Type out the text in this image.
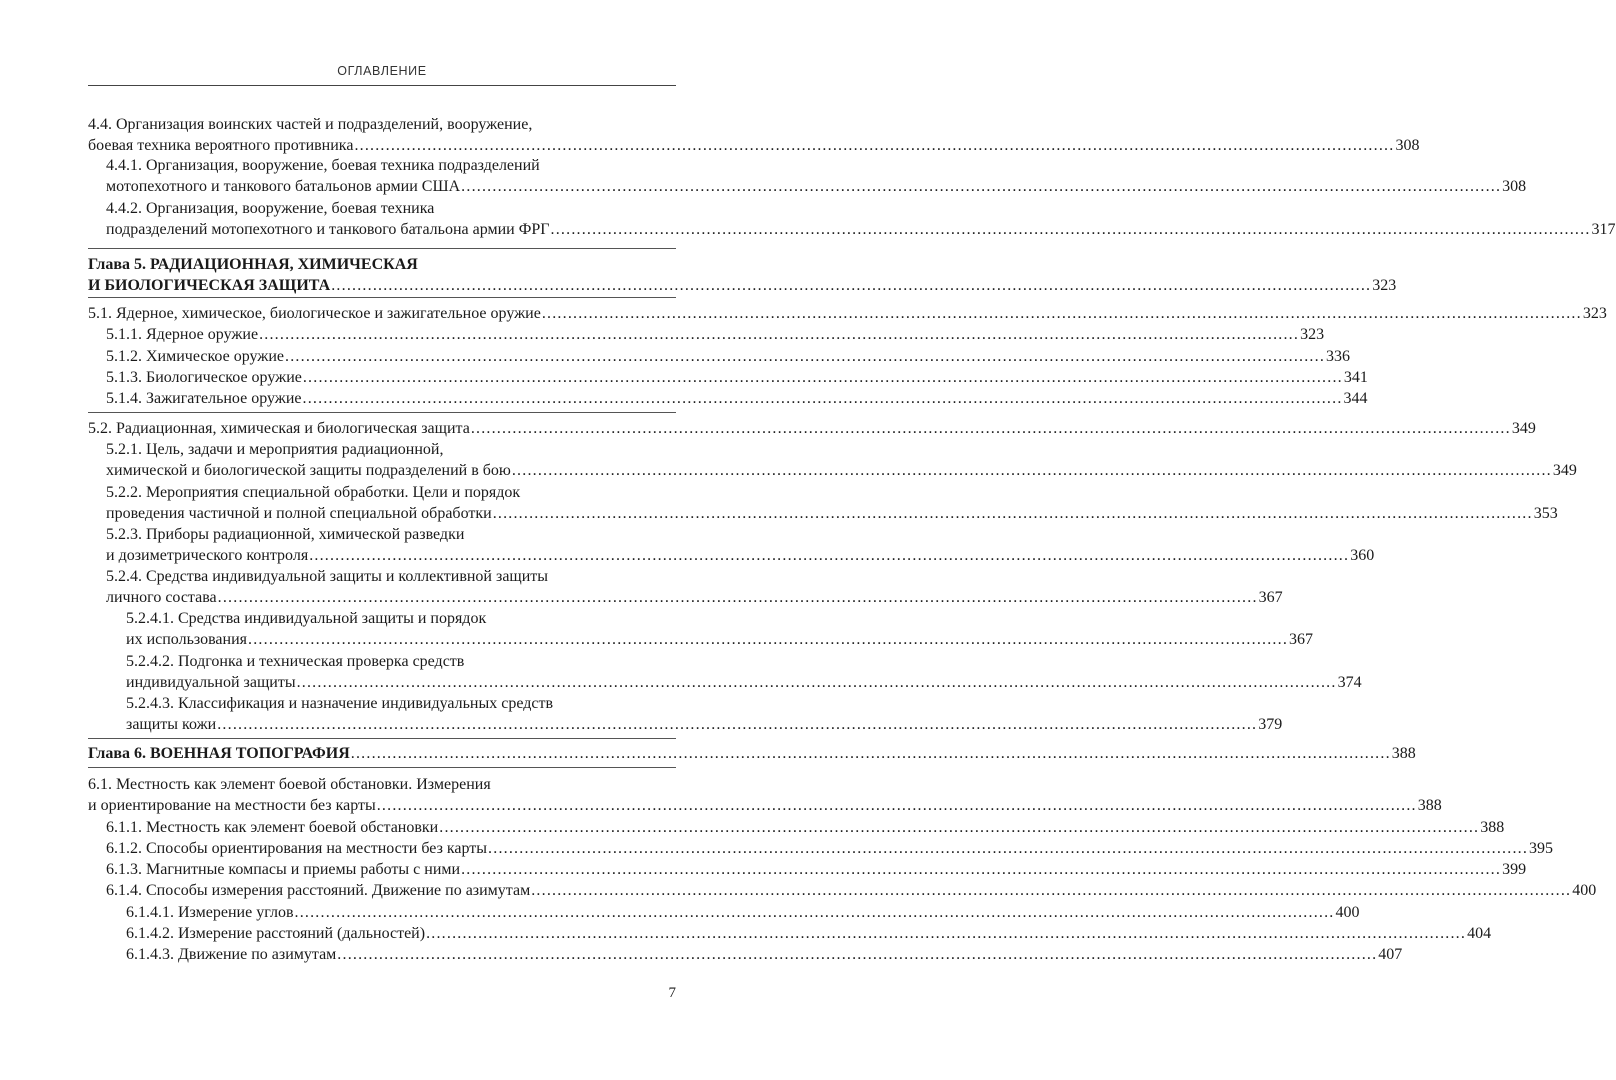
ОГЛАВЛЕНИЕ
4.4. Организация воинских частей и подразделений, вооружение,
боевая техника вероятного противника ........................................................................................................................................................................................................ 308
4.4.1. Организация, вооружение, боевая техника подразделений
мотопехотного и танкового батальонов армии США ........................................................................................................................................................................................................ 308
4.4.2. Организация, вооружение, боевая техника
подразделений мотопехотного и танкового батальона армии ФРГ ........................................................................................................................................................................................................ 317
Глава 5. РАДИАЦИОННАЯ, ХИМИЧЕСКАЯ
И БИОЛОГИЧЕСКАЯ ЗАЩИТА ........................................................................................................................................................................................................ 323
5.1. Ядерное, химическое, биологическое и зажигательное оружие ........................................................................................................................................................................................................ 323
5.1.1. Ядерное оружие ........................................................................................................................................................................................................ 323
5.1.2. Химическое оружие ........................................................................................................................................................................................................ 336
5.1.3. Биологическое оружие ........................................................................................................................................................................................................ 341
5.1.4. Зажигательное оружие ........................................................................................................................................................................................................ 344
5.2. Радиационная, химическая и биологическая защита ........................................................................................................................................................................................................ 349
5.2.1. Цель, задачи и мероприятия радиационной,
химической и биологической защиты подразделений в бою ........................................................................................................................................................................................................ 349
5.2.2. Мероприятия специальной обработки. Цели и порядок
проведения частичной и полной специальной обработки ........................................................................................................................................................................................................ 353
5.2.3. Приборы радиационной, химической разведки
и дозиметрического контроля ........................................................................................................................................................................................................ 360
5.2.4. Средства индивидуальной защиты и коллективной защиты
личного состава ........................................................................................................................................................................................................ 367
5.2.4.1. Средства индивидуальной защиты и порядок
их использования ........................................................................................................................................................................................................ 367
5.2.4.2. Подгонка и техническая проверка средств
индивидуальной защиты ........................................................................................................................................................................................................ 374
5.2.4.3. Классификация и назначение индивидуальных средств
защиты кожи ........................................................................................................................................................................................................ 379
Глава 6. ВОЕННАЯ ТОПОГРАФИЯ ........................................................................................................................................................................................................ 388
6.1. Местность как элемент боевой обстановки. Измерения
и ориентирование на местности без карты ........................................................................................................................................................................................................ 388
6.1.1. Местность как элемент боевой обстановки ........................................................................................................................................................................................................ 388
6.1.2. Способы ориентирования на местности без карты ........................................................................................................................................................................................................ 395
6.1.3. Магнитные компасы и приемы работы с ними ........................................................................................................................................................................................................ 399
6.1.4. Способы измерения расстояний. Движение по азимутам ........................................................................................................................................................................................................ 400
6.1.4.1. Измерение углов ........................................................................................................................................................................................................ 400
6.1.4.2. Измерение расстояний (дальностей) ........................................................................................................................................................................................................ 404
6.1.4.3. Движение по азимутам ........................................................................................................................................................................................................ 407
7
